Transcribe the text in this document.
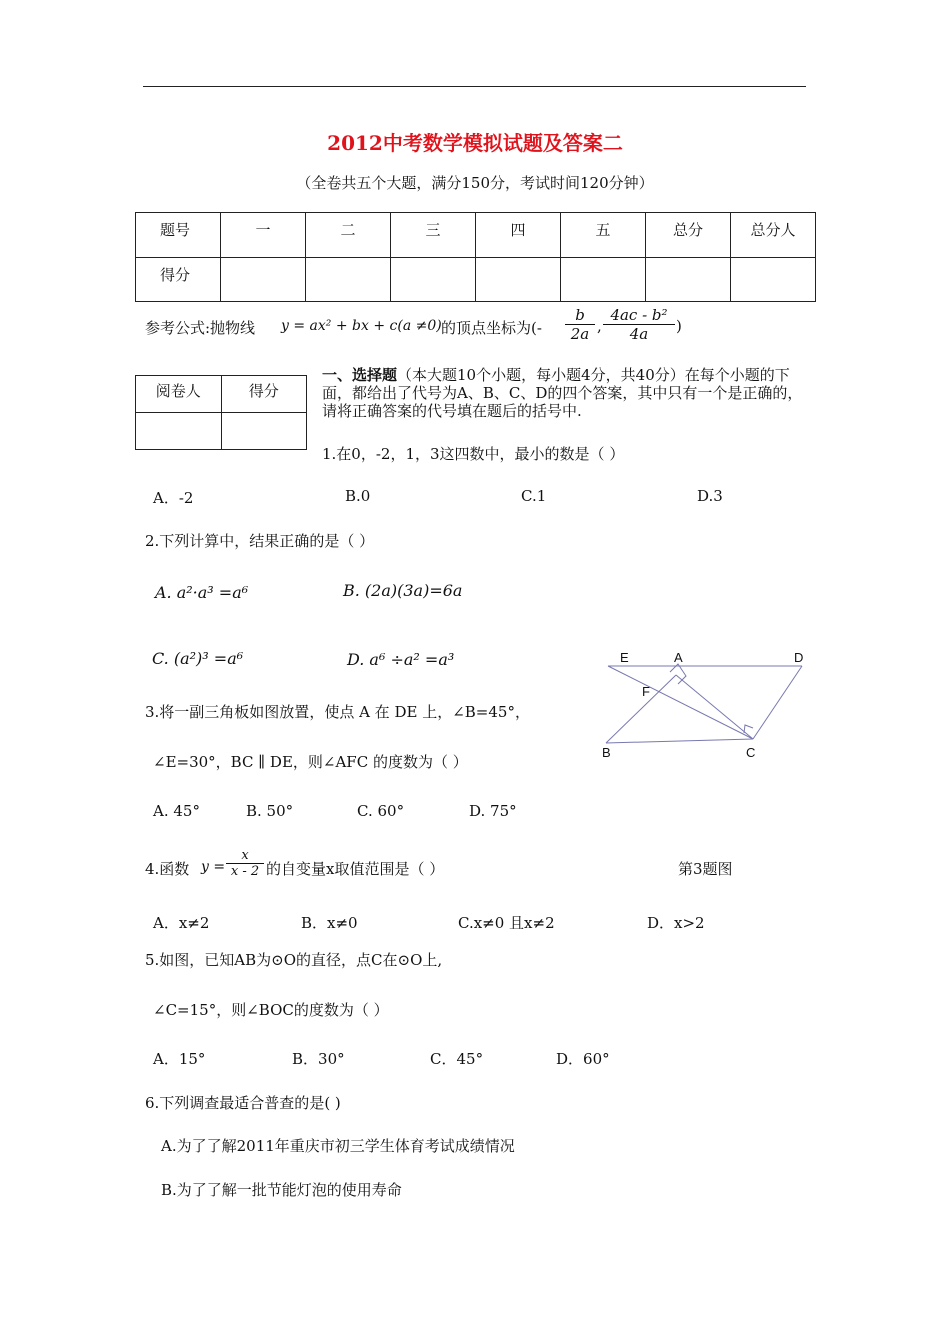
2012中考数学模拟试题及答案二
（全卷共五个大题，满分150分，考试时间120分钟）
题号	一	二	三	四	五	总分	总分人
得分							
参考公式:抛物线 y = ax² + bx + c(a ≠0) 的顶点坐标为(- $\frac{b}{2a}$ , $\frac{\text{4ac - b²}}{4a}$ )
阅卷人	得分

一、选择题（本大题10个小题，每小题4分，共40分）在每个小题的下面，都给出了代号为A、B、C、D的四个答案，其中只有一个是正确的，请将正确答案的代号填在题后的括号中.
1.在0，-2，1，3这四数中，最小的数是（ ）
A．-2	B.0	C.1	D.3
2.下列计算中，结果正确的是（ ）
A. a²·a³ =a⁶	B. (2a)(3a)=6a
C. (a²)³ =a⁶	D. a⁶ ÷a² =a³
3.将一副三角板如图放置，使点 A 在 DE 上，∠B=45°，
∠E=30°，BC ∥ DE，则∠AFC 的度数为（ ）
A. 45°	B. 50°	C. 60°	D. 75°
E	A	D
F
B	C
4.函数 $y = \frac{x}{x - 2}$ 的自变量x取值范围是（ ）	第3题图
A．x≠2	B．x≠0	C.x≠0 且x≠2	D．x>2
5.如图，已知AB为⊙O的直径，点C在⊙O上,
∠C=15°，则∠BOC的度数为（ ）
A．15°	B．30°	C．45°	D．60°
6.下列调查最适合普查的是( )
A.为了了解2011年重庆市初三学生体育考试成绩情况
B.为了了解一批节能灯泡的使用寿命
